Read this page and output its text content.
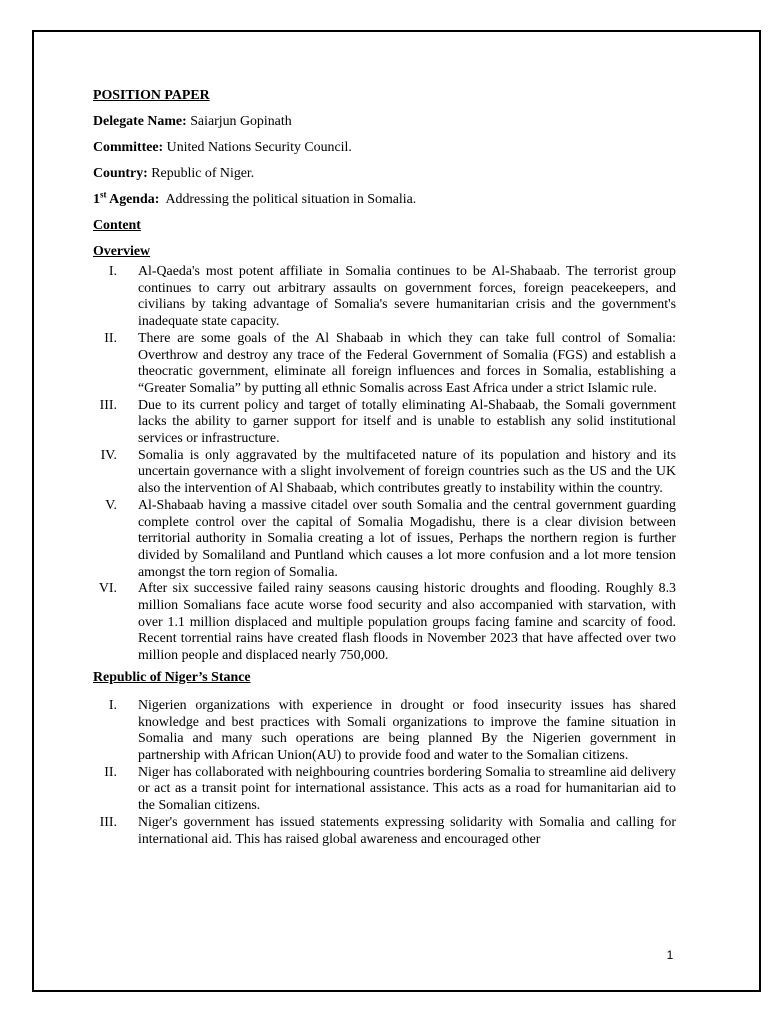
POSITION PAPER

Delegate Name: Saiarjun Gopinath

Committee: United Nations Security Council.

Country: Republic of Niger.

1st Agenda:  Addressing the political situation in Somalia.

Content

Overview

I. Al-Qaeda's most potent affiliate in Somalia continues to be Al-Shabaab. The terrorist group continues to carry out arbitrary assaults on government forces, foreign peacekeepers, and civilians by taking advantage of Somalia's severe humanitarian crisis and the government's inadequate state capacity.
II. There are some goals of the Al Shabaab in which they can take full control of Somalia: Overthrow and destroy any trace of the Federal Government of Somalia (FGS) and establish a theocratic government, eliminate all foreign influences and forces in Somalia, establishing a “Greater Somalia” by putting all ethnic Somalis across East Africa under a strict Islamic rule.
III. Due to its current policy and target of totally eliminating Al-Shabaab, the Somali government lacks the ability to garner support for itself and is unable to establish any solid institutional services or infrastructure.
IV. Somalia is only aggravated by the multifaceted nature of its population and history and its uncertain governance with a slight involvement of foreign countries such as the US and the UK also the intervention of Al Shabaab, which contributes greatly to instability within the country.
V. Al-Shabaab having a massive citadel over south Somalia and the central government guarding complete control over the capital of Somalia Mogadishu, there is a clear division between territorial authority in Somalia creating a lot of issues, Perhaps the northern region is further divided by Somaliland and Puntland which causes a lot more confusion and a lot more tension amongst the torn region of Somalia.
VI. After six successive failed rainy seasons causing historic droughts and flooding. Roughly 8.3 million Somalians face acute worse food security and also accompanied with starvation, with over 1.1 million displaced and multiple population groups facing famine and scarcity of food. Recent torrential rains have created flash floods in November 2023 that have affected over two million people and displaced nearly 750,000.

Republic of Niger’s Stance

I. Nigerien organizations with experience in drought or food insecurity issues has shared knowledge and best practices with Somali organizations to improve the famine situation in Somalia and many such operations are being planned By the Nigerien government in partnership with African Union(AU) to provide food and water to the Somalian citizens.
II. Niger has collaborated with neighbouring countries bordering Somalia to streamline aid delivery or act as a transit point for international assistance. This acts as a road for humanitarian aid to the Somalian citizens.
III. Niger's government has issued statements expressing solidarity with Somalia and calling for international aid. This has raised global awareness and encouraged other
1
